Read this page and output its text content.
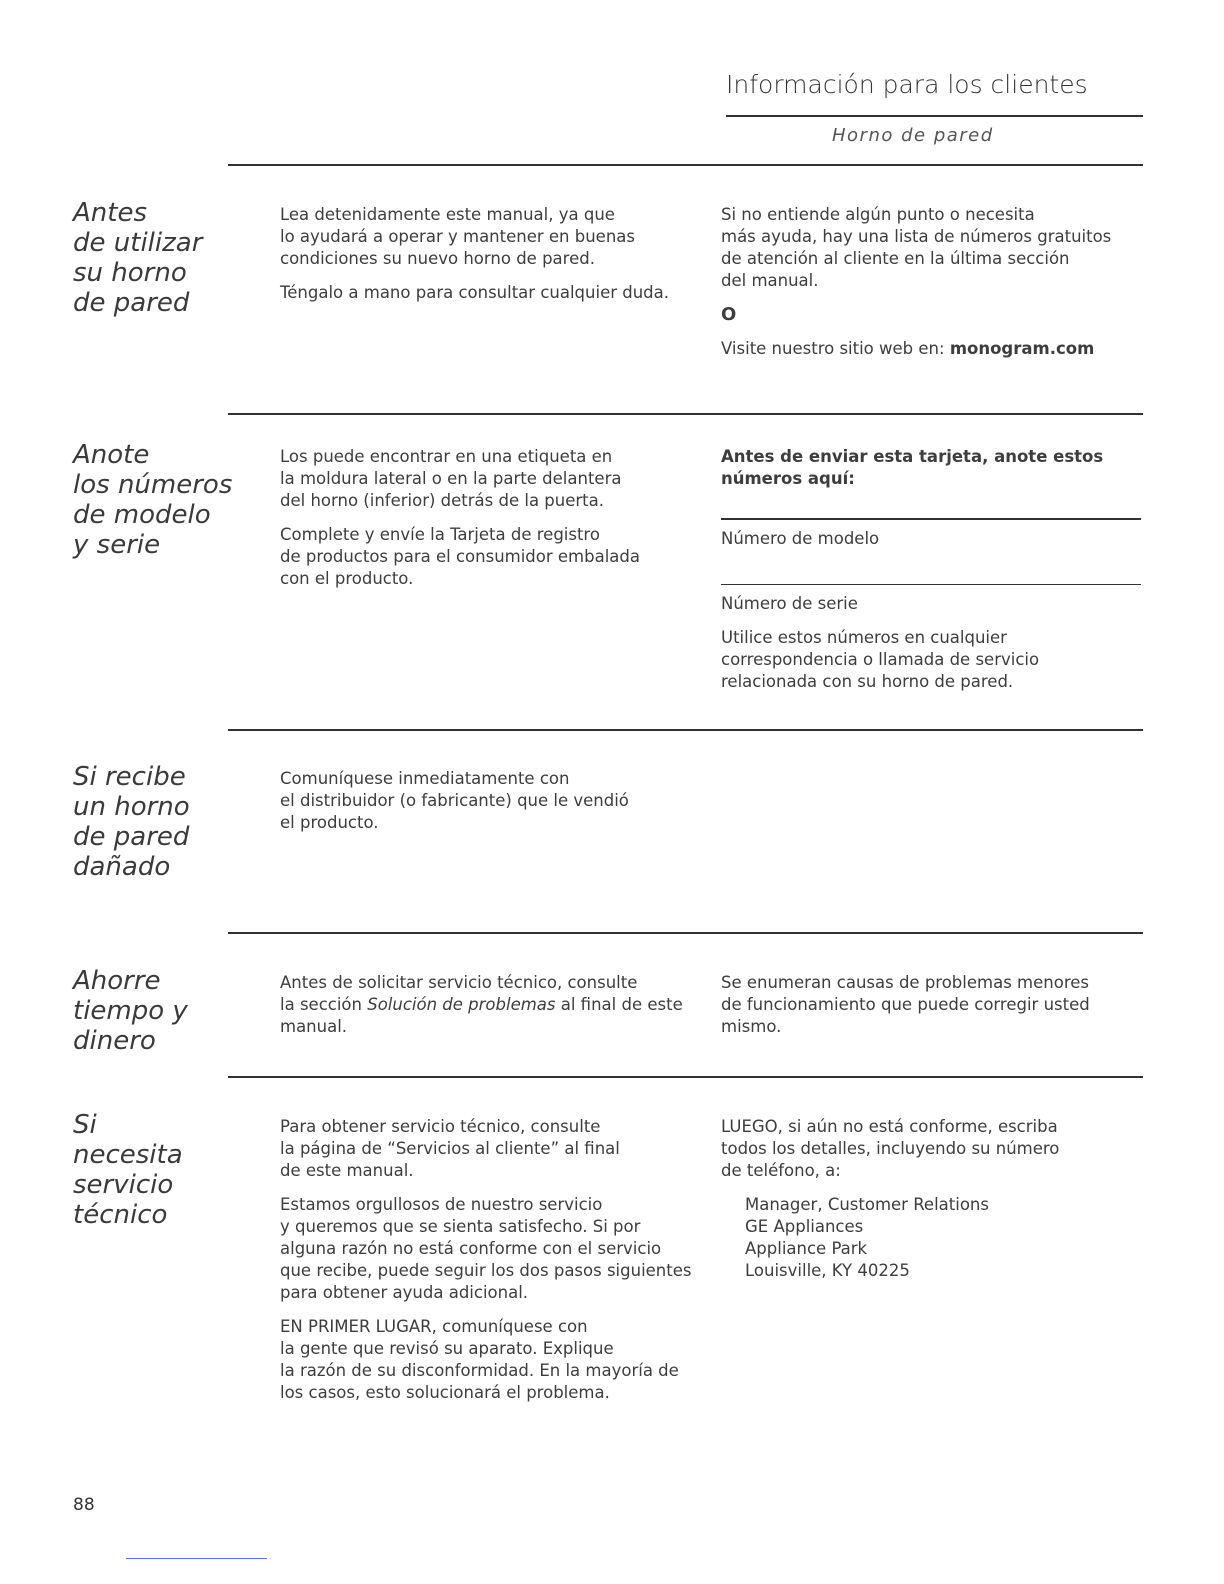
Información para los clientes
Horno de pared
Antes
de utilizar
su horno
de pared

Lea detenidamente este manual, ya que
lo ayudará a operar y mantener en buenas
condiciones su nuevo horno de pared.

Téngalo a mano para consultar cualquier duda.

Si no entiende algún punto o necesita
más ayuda, hay una lista de números gratuitos
de atención al cliente en la última sección
del manual.

O

Visite nuestro sitio web en: monogram.com

Anote
los números
de modelo
y serie

Los puede encontrar en una etiqueta en
la moldura lateral o en la parte delantera
del horno (inferior) detrás de la puerta.

Complete y envíe la Tarjeta de registro
de productos para el consumidor embalada
con el producto.

Antes de enviar esta tarjeta, anote estos
números aquí:

Número de modelo

Número de serie

Utilice estos números en cualquier
correspondencia o llamada de servicio
relacionada con su horno de pared.

Si recibe
un horno
de pared
dañado

Comuníquese inmediatamente con
el distribuidor (o fabricante) que le vendió
el producto.

Ahorre
tiempo y
dinero

Antes de solicitar servicio técnico, consulte
la sección Solución de problemas al final de este
manual.

Se enumeran causas de problemas menores
de funcionamiento que puede corregir usted
mismo.

Si
necesita
servicio
técnico

Para obtener servicio técnico, consulte
la página de “Servicios al cliente” al final
de este manual.

Estamos orgullosos de nuestro servicio
y queremos que se sienta satisfecho. Si por
alguna razón no está conforme con el servicio
que recibe, puede seguir los dos pasos siguientes
para obtener ayuda adicional.

EN PRIMER LUGAR, comuníquese con
la gente que revisó su aparato. Explique
la razón de su disconformidad. En la mayoría de
los casos, esto solucionará el problema.

LUEGO, si aún no está conforme, escriba
todos los detalles, incluyendo su número
de teléfono, a:

Manager, Customer Relations
GE Appliances
Appliance Park
Louisville, KY 40225

88
